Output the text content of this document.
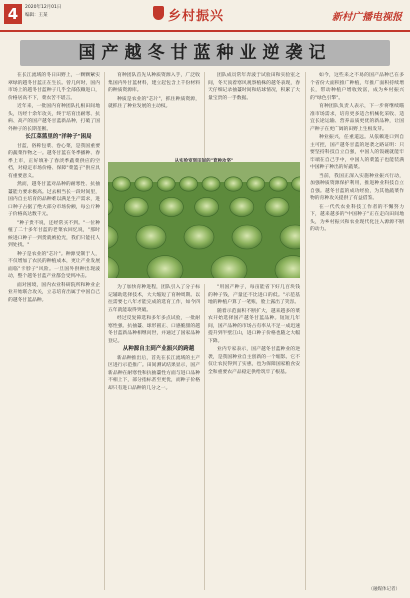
4	2020年12月01日
编辑：王某	乡村振兴	新村广播电视报
国产越冬甘蓝种业逆袭记

在长江流域的冬日田野上，一颗颗紧实翠绿的越冬甘蓝正在生长。曾几何时，国内市场上的越冬甘蓝种子几乎全部依赖进口，价格居高不下，菜农苦不堪言。

近年来，一批国内育种团队扎根田间地头，历经十余年攻关，终于培育出耐寒、抗病、高产的国产越冬甘蓝新品种，打破了国外种子的长期垄断。

长江菜篮里的"洋种子"困局

甘蓝，俗称包菜、卷心菜，是我国重要的蔬菜作物之一。越冬甘蓝在冬季播种、春季上市，正好填补了春淡季蔬菜供应的空档，对稳定市场价格、保障"菜篮子"供应具有重要意义。

然而，越冬甘蓝对品种的耐寒性、抗抽薹能力要求极高。过去相当长一段时间里，国内自主培育的品种难以满足生产需求，进口种子占据了绝大部分市场份额，每公斤种子价格高达数千元。

"种子贵不说，还经常买不到。"一位种植了二十多年甘蓝的老菜农回忆说，"那时候进口种子一到货就被抢光，我们只能托人到处找。"

种子是农业的"芯片"。种源受制于人，不仅增加了农民的种植成本，更让产业发展面临"卡脖子"风险。一旦国外供种出现波动，整个越冬甘蓝产业都会受到冲击。

面对困境，国内农业科研院所和种业企业开始联合攻关，立志培育出属于中国自己的越冬甘蓝品种。

育种团队首先从种质资源入手，广泛收集国内外甘蓝材料，建立起包含上千份材料的种质资源库。

种质是农业的"芯片"，抓住种质资源，就抓住了种业发展的主动权。

团队成员常年奔波于试验田和实验室之间，冬天顶着寒风观察植株的越冬表现，春天仔细记录抽薹时间和结球情况，积累了大量宝贵的一手数据。

为了加快育种进程，团队引入了分子标记辅助选择技术，大大缩短了育种周期。以往需要七八年才能完成的选育工作，如今四五年就能取得突破。

经过反复筛选和多年多点试验，一批耐寒性强、抗抽薹、球形圆正、口感脆甜的越冬甘蓝新品种相继问世，并通过了国家品种登记。

从种源自主到产业振兴的跨越

新品种推出后，首先在长江流域的主产区进行示范推广。田间测试结果显示，国产新品种在耐寒性和抗抽薹性方面与进口品种不相上下，部分指标甚至更优，而种子价格却只有进口品种的几分之一。

"用国产种子，每亩能省下好几百块钱的种子钱，产量还不比进口的低。"示范基地的种植户算了一笔账，脸上露出了笑容。

随着示范面积不断扩大，越来越多的菜农开始选择国产越冬甘蓝品种。短短几年间，国产品种的市场占有率从不足一成迅速提升到半壁江山，进口种子价格也随之大幅下降。

业内专家表示，国产越冬甘蓝种业的逆袭，是我国种业自主创新的一个缩影。它不仅让农民得到了实惠，也为保障国家粮食安全和重要农产品稳定供给筑牢了根基。

如今，这些来之不易的国产品种已在多个省份大面积推广种植，年推广面积持续增长，带动种植户增收致富，成为乡村振兴的"绿色引擎"。

育种团队负责人表示，下一步将继续瞄准市场需求，培育更多适合机械化采收、适宜长途运输、营养品质更优的新品种，让国产种子在更广阔的田野上生根发芽。

种业振兴，任重道远。从依赖进口到自主可控，国产越冬甘蓝的逆袭之路证明：只要坚持科技自立自强，中国人的饭碗就能牢牢端在自己手中，中国人的菜篮子也能装满中国种子种出的好蔬菜。

当前，我国正深入实施种业振兴行动，加强种质资源保护利用，推进种业科技自立自强。越冬甘蓝的成功经验，为其他蔬菜作物的育种攻关提供了有益借鉴。

在一代代农业科技工作者的不懈努力下，越来越多的"中国种子"正在走向田间地头，为乡村振兴和农业现代化注入源源不断的动力。

（融媒体记者）
